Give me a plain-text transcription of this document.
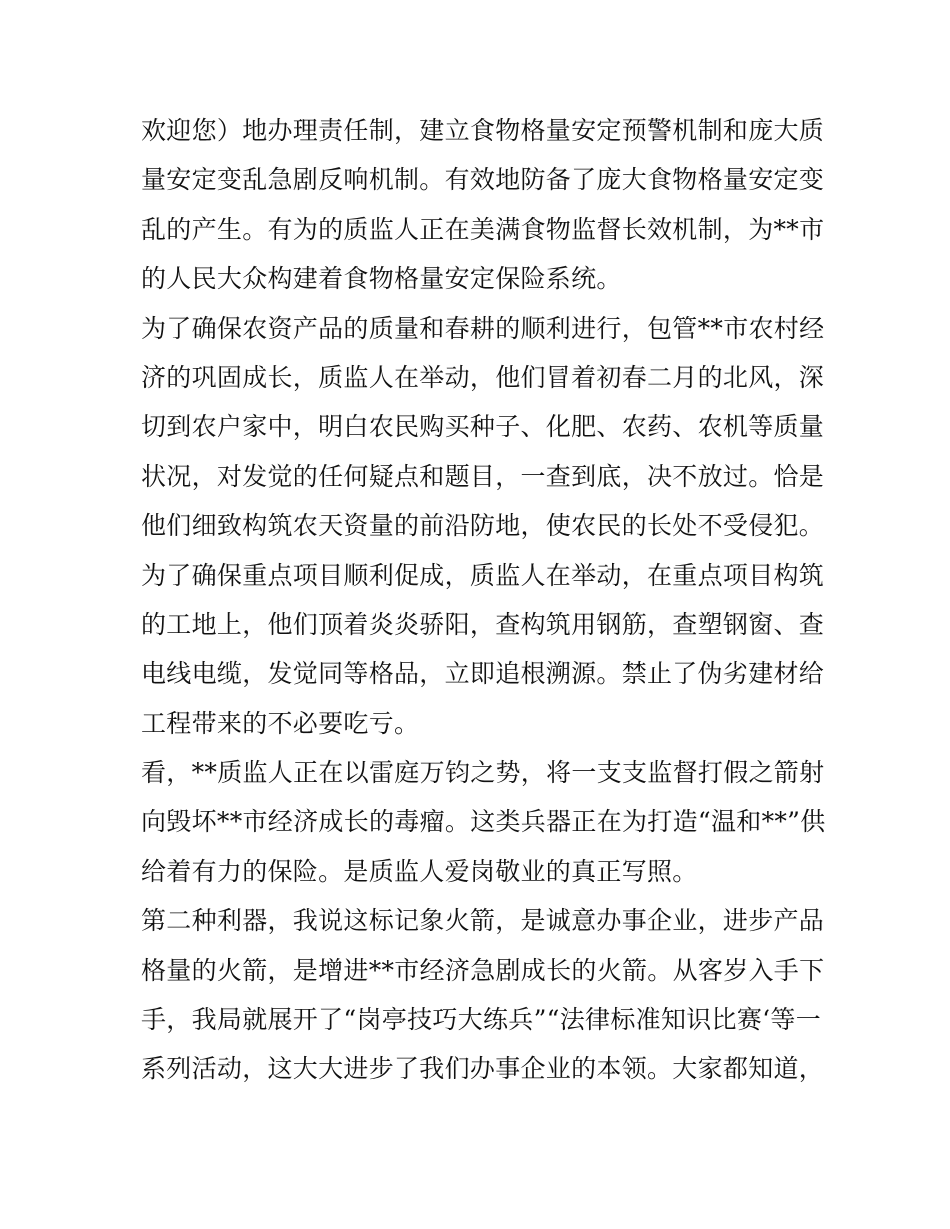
欢迎您）地办理责任制，建立食物格量安定预警机制和庞大质
量安定变乱急剧反响机制。有效地防备了庞大食物格量安定变
乱的产生。有为的质监人正在美满食物监督长效机制，为**市
的人民大众构建着食物格量安定保险系统。
为了确保农资产品的质量和春耕的顺利进行，包管**市农村经
济的巩固成长，质监人在举动，他们冒着初春二月的北风，深
切到农户家中，明白农民购买种子、化肥、农药、农机等质量
状况，对发觉的任何疑点和题目，一查到底，决不放过。恰是
他们细致构筑农天资量的前沿防地，使农民的长处不受侵犯。
为了确保重点项目顺利促成，质监人在举动，在重点项目构筑
的工地上，他们顶着炎炎骄阳，查构筑用钢筋，查塑钢窗、查
电线电缆，发觉同等格品，立即追根溯源。禁止了伪劣建材给
工程带来的不必要吃亏。
看，**质监人正在以雷庭万钧之势，将一支支监督打假之箭射
向毁坏**市经济成长的毒瘤。这类兵器正在为打造“温和**”供
给着有力的保险。是质监人爱岗敬业的真正写照。
第二种利器，我说这标记象火箭，是诚意办事企业，进步产品
格量的火箭，是增进**市经济急剧成长的火箭。从客岁入手下
手，我局就展开了“岗亭技巧大练兵”“法律标准知识比赛‘等一
系列活动，这大大进步了我们办事企业的本领。大家都知道，
